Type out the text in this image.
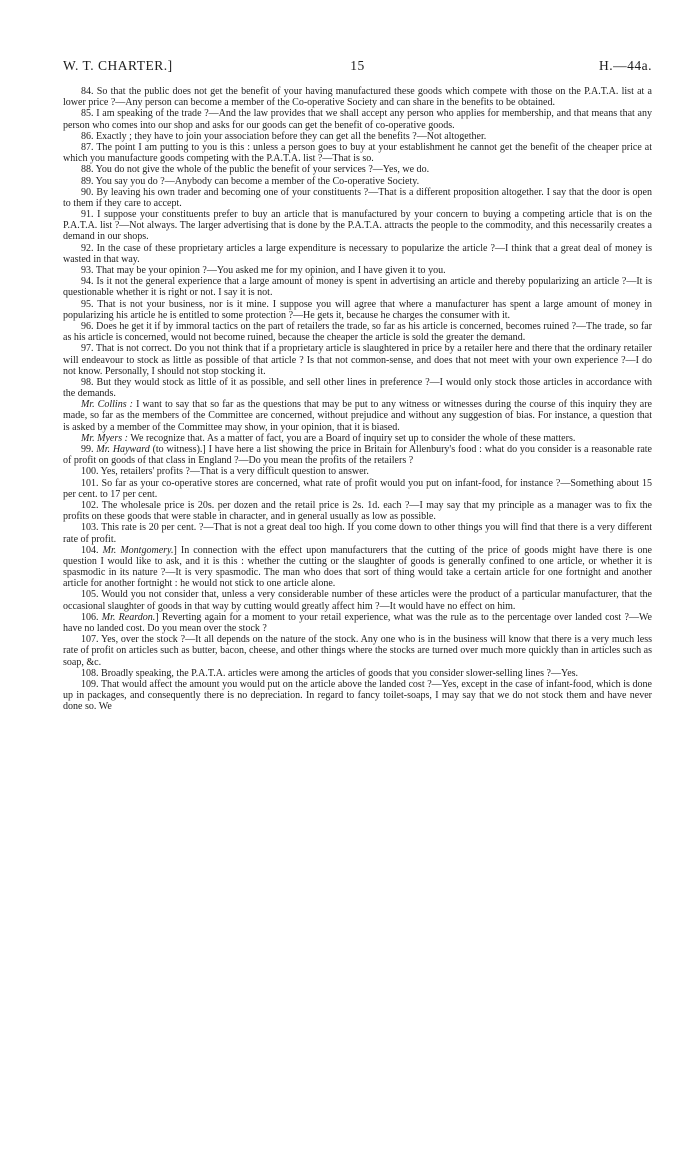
W. T. CHARTER.]	15	H.—44a.

84. So that the public does not get the benefit of your having manufactured these goods which compete with those on the P.A.T.A. list at a lower price ?—Any person can become a member of the Co-operative Society and can share in the benefits to be obtained.

85. I am speaking of the trade ?—And the law provides that we shall accept any person who applies for membership, and that means that any person who comes into our shop and asks for our goods can get the benefit of co-operative goods.

86. Exactly ; they have to join your association before they can get all the benefits ?—Not altogether.

87. The point I am putting to you is this : unless a person goes to buy at your establishment he cannot get the benefit of the cheaper price at which you manufacture goods competing with the P.A.T.A. list ?—That is so.

88. You do not give the whole of the public the benefit of your services ?—Yes, we do.

89. You say you do ?—Anybody can become a member of the Co-operative Society.

90. By leaving his own trader and becoming one of your constituents ?—That is a different proposition altogether. I say that the door is open to them if they care to accept.

91. I suppose your constituents prefer to buy an article that is manufactured by your concern to buying a competing article that is on the P.A.T.A. list ?—Not always. The larger advertising that is done by the P.A.T.A. attracts the people to the commodity, and this necessarily creates a demand in our shops.

92. In the case of these proprietary articles a large expenditure is necessary to popularize the article ?—I think that a great deal of money is wasted in that way.

93. That may be your opinion ?—You asked me for my opinion, and I have given it to you.

94. Is it not the general experience that a large amount of money is spent in advertising an article and thereby popularizing an article ?—It is questionable whether it is right or not. I say it is not.

95. That is not your business, nor is it mine. I suppose you will agree that where a manufacturer has spent a large amount of money in popularizing his article he is entitled to some protection ?—He gets it, because he charges the consumer with it.

96. Does he get it if by immoral tactics on the part of retailers the trade, so far as his article is concerned, becomes ruined ?—The trade, so far as his article is concerned, would not become ruined, because the cheaper the article is sold the greater the demand.

97. That is not correct. Do you not think that if a proprietary article is slaughtered in price by a retailer here and there that the ordinary retailer will endeavour to stock as little as possible of that article ? Is that not common-sense, and does that not meet with your own experience ?—I do not know. Personally, I should not stop stocking it.

98. But they would stock as little of it as possible, and sell other lines in preference ?—I would only stock those articles in accordance with the demands.

Mr. Collins : I want to say that so far as the questions that may be put to any witness or witnesses during the course of this inquiry they are made, so far as the members of the Committee are concerned, without prejudice and without any suggestion of bias. For instance, a question that is asked by a member of the Committee may show, in your opinion, that it is biased.

Mr. Myers : We recognize that. As a matter of fact, you are a Board of inquiry set up to consider the whole of these matters.

99. Mr. Hayward (to witness).] I have here a list showing the price in Britain for Allenbury's food : what do you consider is a reasonable rate of profit on goods of that class in England ?—Do you mean the profits of the retailers ?

100. Yes, retailers' profits ?—That is a very difficult question to answer.

101. So far as your co-operative stores are concerned, what rate of profit would you put on infant-food, for instance ?—Something about 15 per cent. to 17 per cent.

102. The wholesale price is 20s. per dozen and the retail price is 2s. 1d. each ?—I may say that my principle as a manager was to fix the profits on these goods that were stable in character, and in general usually as low as possible.

103. This rate is 20 per cent. ?—That is not a great deal too high. If you come down to other things you will find that there is a very different rate of profit.

104. Mr. Montgomery.] In connection with the effect upon manufacturers that the cutting of the price of goods might have there is one question I would like to ask, and it is this : whether the cutting or the slaughter of goods is generally confined to one article, or whether it is spasmodic in its nature ?—It is very spasmodic. The man who does that sort of thing would take a certain article for one fortnight and another article for another fortnight : he would not stick to one article alone.

105. Would you not consider that, unless a very considerable number of these articles were the product of a particular manufacturer, that the occasional slaughter of goods in that way by cutting would greatly affect him ?—It would have no effect on him.

106. Mr. Reardon.] Reverting again for a moment to your retail experience, what was the rule as to the percentage over landed cost ?—We have no landed cost. Do you mean over the stock ?

107. Yes, over the stock ?—It all depends on the nature of the stock. Any one who is in the business will know that there is a very much less rate of profit on articles such as butter, bacon, cheese, and other things where the stocks are turned over much more quickly than in articles such as soap, &c.

108. Broadly speaking, the P.A.T.A. articles were among the articles of goods that you consider slower-selling lines ?—Yes.

109. That would affect the amount you would put on the article above the landed cost ?—Yes, except in the case of infant-food, which is done up in packages, and consequently there is no depreciation. In regard to fancy toilet-soaps, I may say that we do not stock them and have never done so. We
